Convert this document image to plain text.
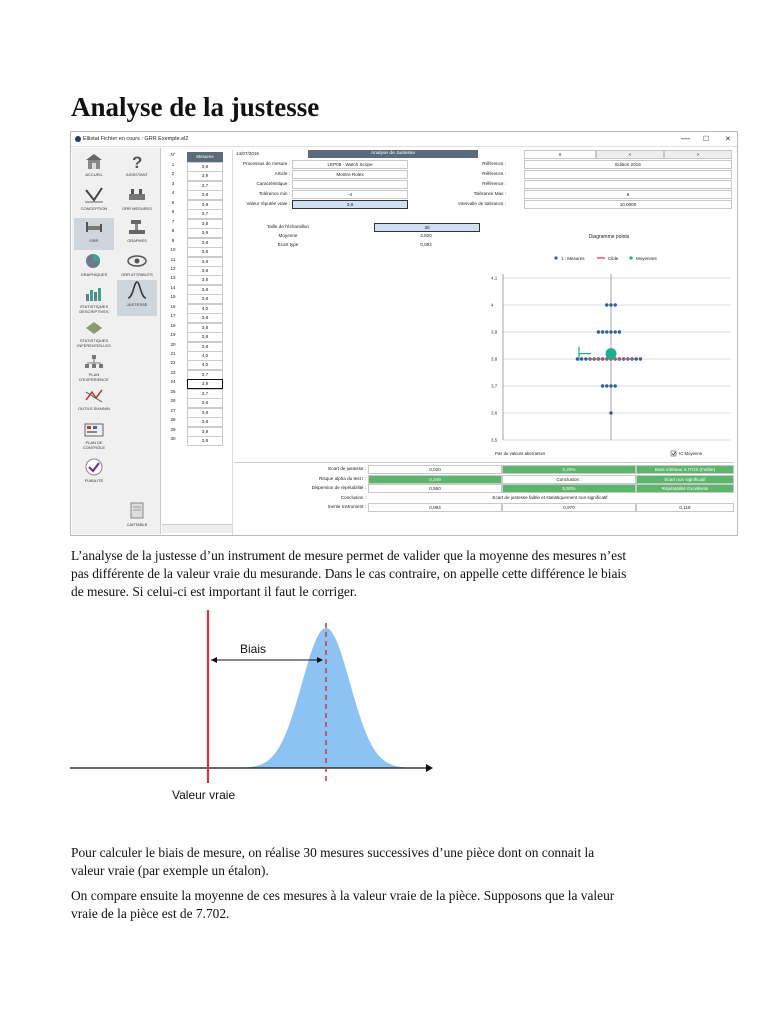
Analyse de la justesse
Ellistat Fichier en cours : GRR Exemple.el2	— ☐ ✕
ACCUEIL
?
ASSISTANT
CONCEPTION	GRR MESURES
GRR	GRAPHES
GRAPHIQUES	GRR ATTRIBUTS
STATISTIQUES DESCRIPTIVES
JUSTESSE
STATISTIQUES INFÉRENTIELLES
PLAN D'EXPÉRIENCE
OUTILS SHAININ
PLAN DE CONTRÔLE
FIABILITÉ
CARTABLE
N°	Mesures
1	3,8
2	3,9
3	3,7
4	3,8
5	3,9
6	3,7
7	3,8
8	3,9
9	3,8
10	3,8
11	3,9
12	3,8
13	3,8
14	3,8
15	3,8
16	4,0
17	3,8
18	3,8
19	3,8
20	3,8
21	4,0
22	4,0
23	3,7
24	3,9
25	3,7
26	3,6
27	3,8
28	3,8
29	3,9
30	3,8
14/07/2016	Analyse de Justesse	0	<	>
Processus de mesure :	LEP08 - Watch Scope
Article :	Montre Rolex
Caractéristique :
Tolérance min :	-4
Valeur réputée vraie :	3,8
Référence :	Edition 2016
Référence :
Référence :
Tolérance Max :	6
Intervalle de tolérance :	10,0000
Taille de l'échantillon	30
Moyenne	3,820
Ecart type	0,092
Diagramme points
1 : Mesures	Cible	Moyennes
3,5
3,6
3,7
3,8
3,9
4
4,1
Pas de valeurs aberrantes	IC Moyenne
Ecart de justesse :	0,020	0,20%	Biais inférieur à IT/20 (Faible)
Risque alpha du test t :	0,249	Conclusion :	Ecart non significatif
Dispersion de répétabilité :	0,550	5,50%	Répétabilité Excellente
Conclusion :	Ecart de justesse faible et statistiquement non significatif
Inertie Instrument :	0,094	0,970	0,118
L’analyse de la justesse d’un instrument de mesure permet de valider que la moyenne des mesures n’est
pas différente de la valeur vraie du mesurande. Dans le cas contraire, on appelle cette différence le biais
de mesure. Si celui-ci est important il faut le corriger.
Biais
Valeur vraie
Pour calculer le biais de mesure, on réalise 30 mesures successives d’une pièce dont on connait la
valeur vraie (par exemple un étalon).
On compare ensuite la moyenne de ces mesures à la valeur vraie de la pièce. Supposons que la valeur
vraie de la pièce est de 7.702.
